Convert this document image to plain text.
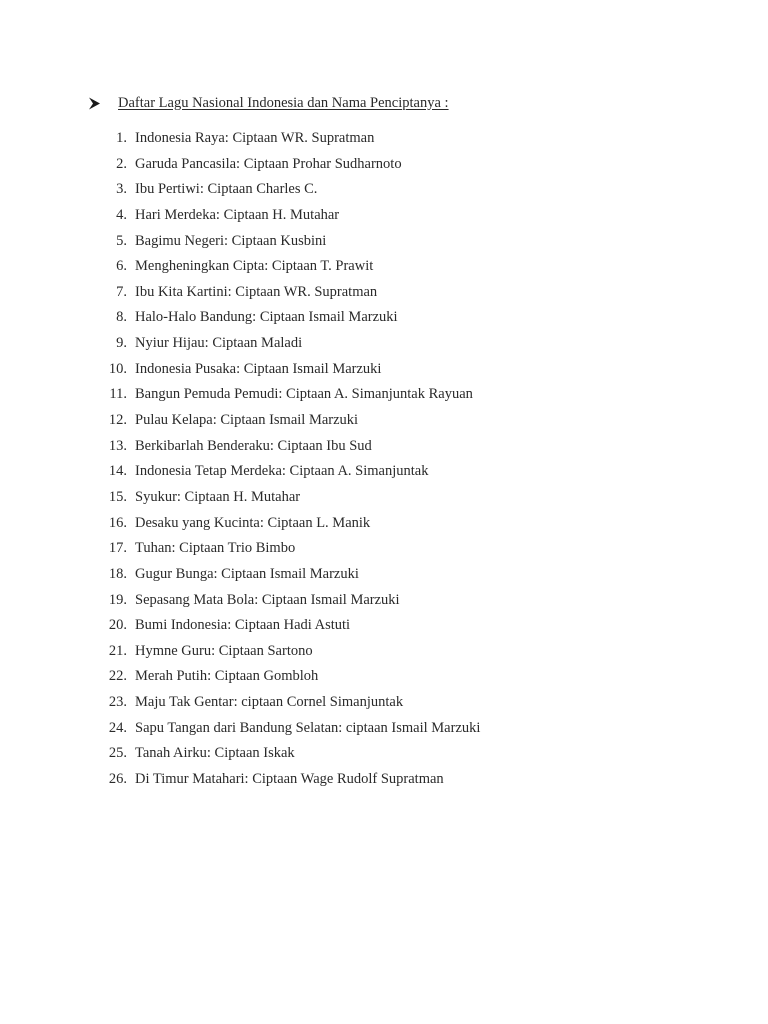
Daftar Lagu Nasional Indonesia dan Nama Penciptanya :
1. Indonesia Raya: Ciptaan WR. Supratman
2. Garuda Pancasila: Ciptaan Prohar Sudharnoto
3. Ibu Pertiwi: Ciptaan Charles C.
4. Hari Merdeka: Ciptaan H. Mutahar
5. Bagimu Negeri: Ciptaan Kusbini
6. Mengheningkan Cipta: Ciptaan T. Prawit
7. Ibu Kita Kartini: Ciptaan WR. Supratman
8. Halo-Halo Bandung: Ciptaan Ismail Marzuki
9. Nyiur Hijau: Ciptaan Maladi
10. Indonesia Pusaka: Ciptaan Ismail Marzuki
11. Bangun Pemuda Pemudi: Ciptaan A. Simanjuntak Rayuan
12. Pulau Kelapa: Ciptaan Ismail Marzuki
13. Berkibarlah Benderaku: Ciptaan Ibu Sud
14. Indonesia Tetap Merdeka: Ciptaan A. Simanjuntak
15. Syukur: Ciptaan H. Mutahar
16. Desaku yang Kucinta: Ciptaan L. Manik
17. Tuhan: Ciptaan Trio Bimbo
18. Gugur Bunga: Ciptaan Ismail Marzuki
19. Sepasang Mata Bola: Ciptaan Ismail Marzuki
20. Bumi Indonesia: Ciptaan Hadi Astuti
21. Hymne Guru: Ciptaan Sartono
22. Merah Putih: Ciptaan Gombloh
23. Maju Tak Gentar: ciptaan Cornel Simanjuntak
24. Sapu Tangan dari Bandung Selatan: ciptaan Ismail Marzuki
25. Tanah Airku: Ciptaan Iskak
26. Di Timur Matahari: Ciptaan Wage Rudolf Supratman
